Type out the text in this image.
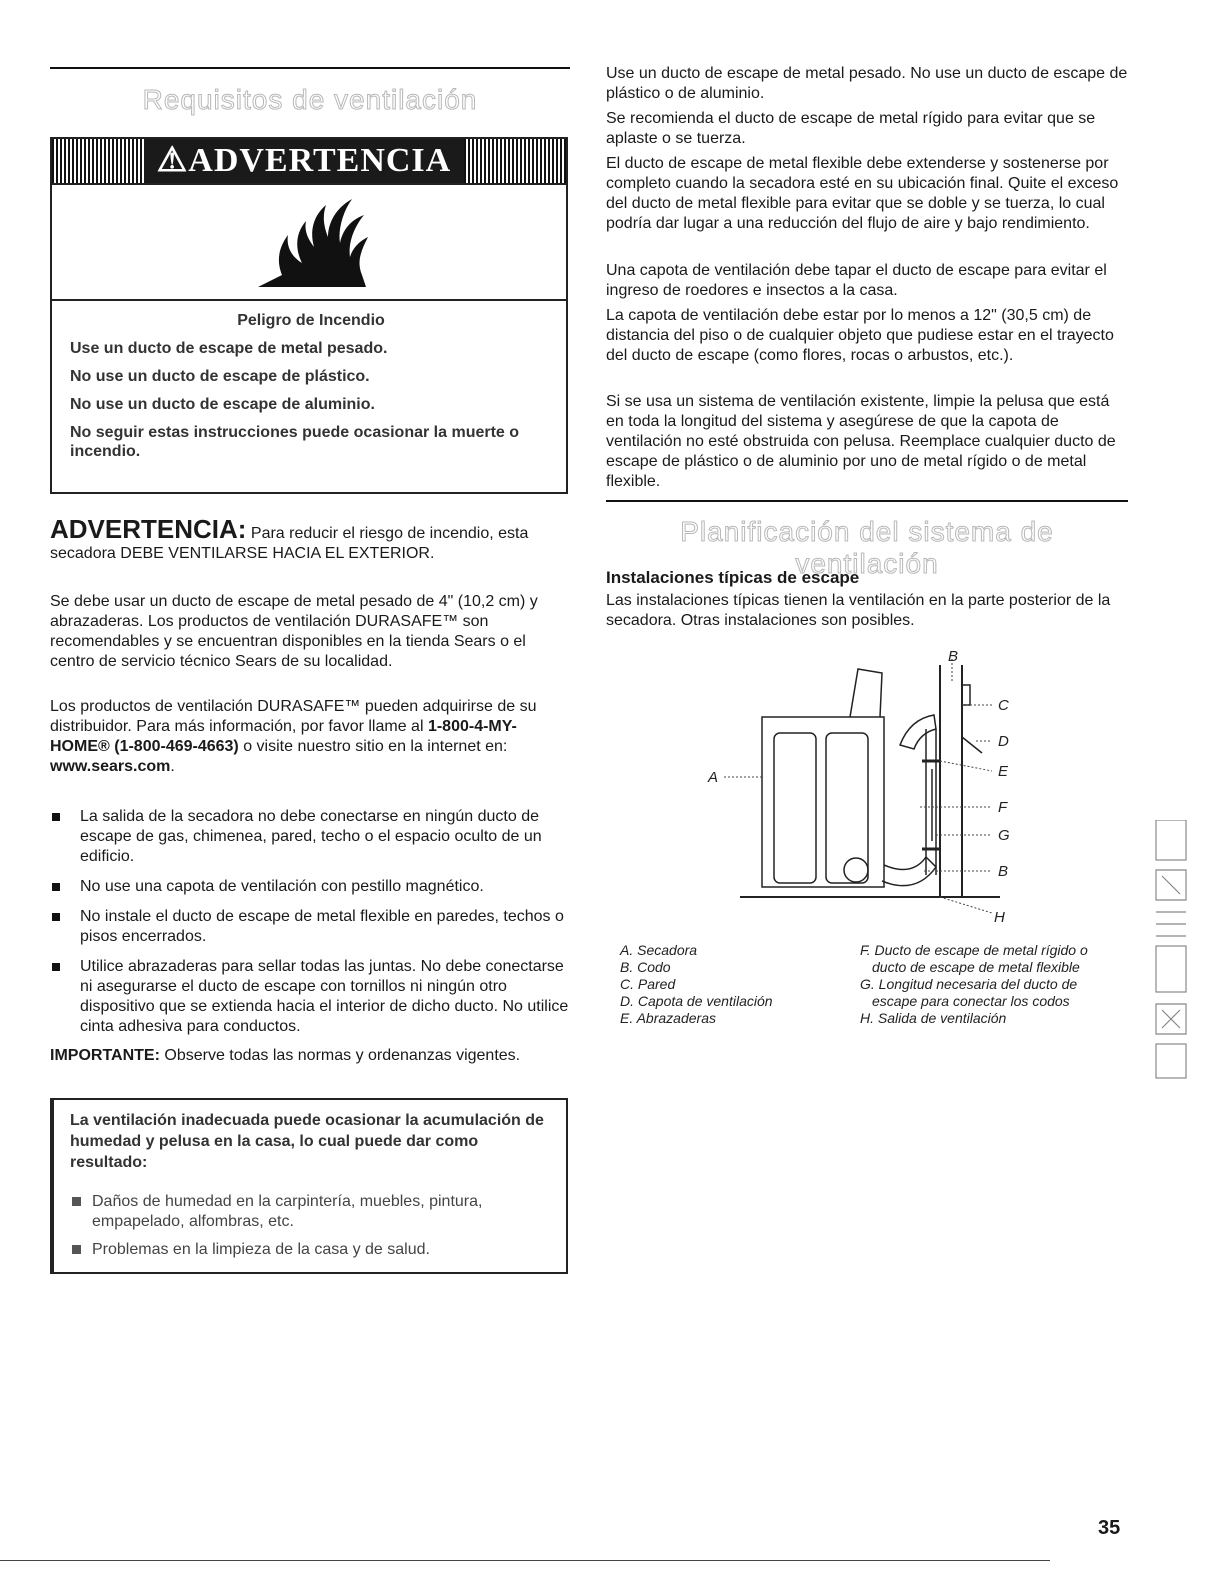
Requisitos de ventilación
⚠ADVERTENCIA

Peligro de Incendio

Use un ducto de escape de metal pesado.

No use un ducto de escape de plástico.

No use un ducto de escape de aluminio.

No seguir estas instrucciones puede ocasionar la muerte o incendio.

ADVERTENCIA: Para reducir el riesgo de incendio, esta secadora DEBE VENTILARSE HACIA EL EXTERIOR.

Se debe usar un ducto de escape de metal pesado de 4" (10,2 cm) y abrazaderas. Los productos de ventilación DURASAFE™ son recomendables y se encuentran disponibles en la tienda Sears o el centro de servicio técnico Sears de su localidad.

Los productos de ventilación DURASAFE™ pueden adquirirse de su distribuidor. Para más información, por favor llame al 1-800-4-MY-HOME® (1-800-469-4663) o visite nuestro sitio en la internet en: www.sears.com.

La salida de la secadora no debe conectarse en ningún ducto de escape de gas, chimenea, pared, techo o el espacio oculto de un edificio.
No use una capota de ventilación con pestillo magnético.
No instale el ducto de escape de metal flexible en paredes, techos o pisos encerrados.
Utilice abrazaderas para sellar todas las juntas. No debe conectarse ni asegurarse el ducto de escape con tornillos ni ningún otro dispositivo que se extienda hacia el interior de dicho ducto. No utilice cinta adhesiva para conductos.

IMPORTANTE: Observe todas las normas y ordenanzas vigentes.

La ventilación inadecuada puede ocasionar la acumulación de humedad y pelusa en la casa, lo cual puede dar como resultado:

Daños de humedad en la carpintería, muebles, pintura, empapelado, alfombras, etc.
Problemas en la limpieza de la casa y de salud.

Use un ducto de escape de metal pesado. No use un ducto de escape de plástico o de aluminio.

Se recomienda el ducto de escape de metal rígido para evitar que se aplaste o se tuerza.

El ducto de escape de metal flexible debe extenderse y sostenerse por completo cuando la secadora esté en su ubicación final. Quite el exceso del ducto de metal flexible para evitar que se doble y se tuerza, lo cual podría dar lugar a una reducción del flujo de aire y bajo rendimiento.

Una capota de ventilación debe tapar el ducto de escape para evitar el ingreso de roedores e insectos a la casa.

La capota de ventilación debe estar por lo menos a 12" (30,5 cm) de distancia del piso o de cualquier objeto que pudiese estar en el trayecto del ducto de escape (como flores, rocas o arbustos, etc.).

Si se usa un sistema de ventilación existente, limpie la pelusa que está en toda la longitud del sistema y asegúrese de que la capota de ventilación no esté obstruida con pelusa. Reemplace cualquier ducto de escape de plástico o de aluminio por uno de metal rígido o de metal flexible.

Planificación del sistema de ventilación

Instalaciones típicas de escape

Las instalaciones típicas tienen la ventilación en la parte posterior de la secadora. Otras instalaciones son posibles.

A
B
C
D
E
F
G
B
H
A. Secadora
B. Codo
C. Pared
D. Capota de ventilación
E. Abrazaderas
F. Ducto de escape de metal rígido o
ducto de escape de metal flexible
G. Longitud necesaria del ducto de
escape para conectar los codos
H. Salida de ventilación
35
